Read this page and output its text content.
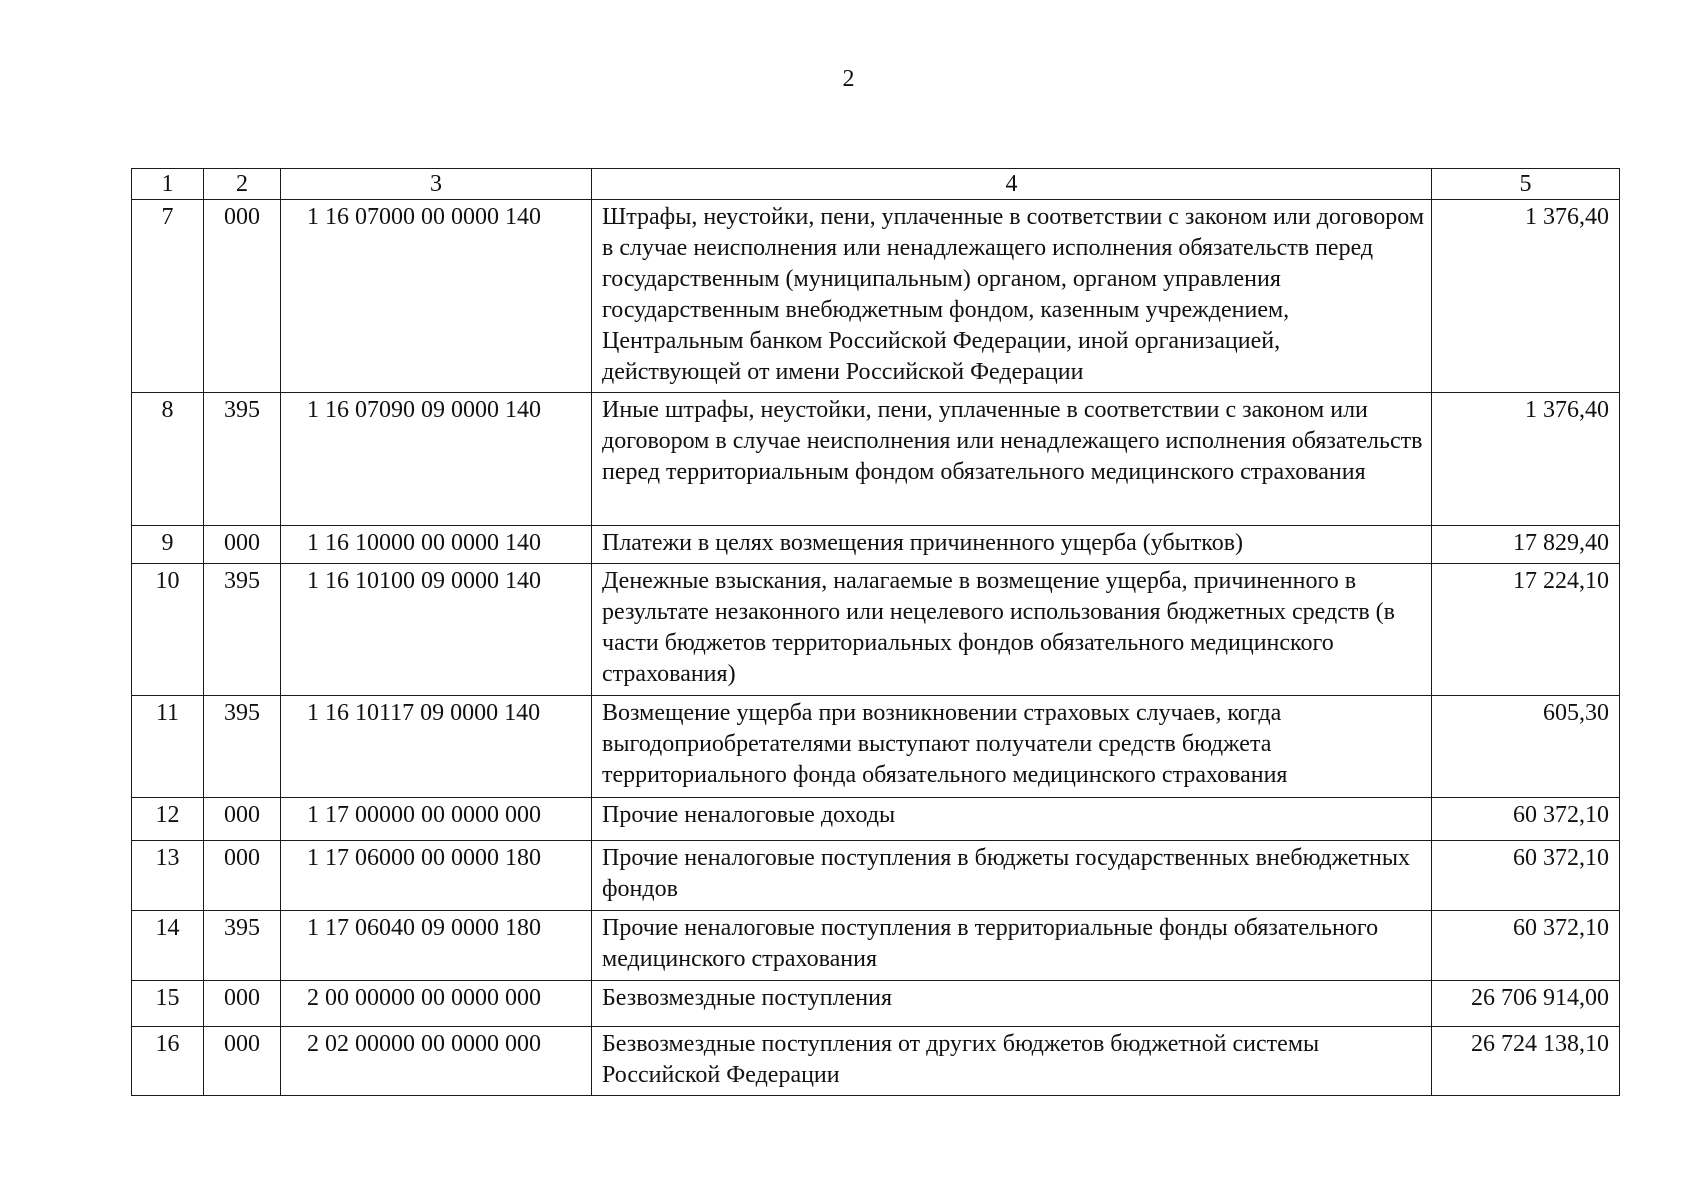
2
1	2	3	4	5
7	000	1 16 07000 00 0000 140	Штрафы, неустойки, пени, уплаченные в соответствии с законом или договором в случае неисполнения или ненадлежащего исполнения обязательств перед государственным (муниципальным) органом, органом управления государственным внебюджетным фондом, казенным учреждением, Центральным банком Российской Федерации, иной организацией, действующей от имени Российской Федерации	1 376,40
8	395	1 16 07090 09 0000 140	Иные штрафы, неустойки, пени, уплаченные в соответствии с законом или договором в случае неисполнения или ненадлежащего исполнения обязательств перед территориальным фондом обязательного медицинского страхования	1 376,40
9	000	1 16 10000 00 0000 140	Платежи в целях возмещения причиненного ущерба (убытков)	17 829,40
10	395	1 16 10100 09 0000 140	Денежные взыскания, налагаемые в возмещение ущерба, причиненного в результате незаконного или нецелевого использования бюджетных средств (в части бюджетов территориальных фондов обязательного медицинского страхования)	17 224,10
11	395	1 16 10117 09 0000 140	Возмещение ущерба при возникновении страховых случаев, когда выгодоприобретателями выступают получатели средств бюджета территориального фонда обязательного медицинского страхования	605,30
12	000	1 17 00000 00 0000 000	Прочие неналоговые доходы	60 372,10
13	000	1 17 06000 00 0000 180	Прочие неналоговые поступления в бюджеты государственных внебюджетных фондов	60 372,10
14	395	1 17 06040 09 0000 180	Прочие неналоговые поступления в территориальные фонды обязательного медицинского страхования	60 372,10
15	000	2 00 00000 00 0000 000	Безвозмездные поступления	26 706 914,00
16	000	2 02 00000 00 0000 000	Безвозмездные поступления от других бюджетов бюджетной системы Российской Федерации	26 724 138,10
